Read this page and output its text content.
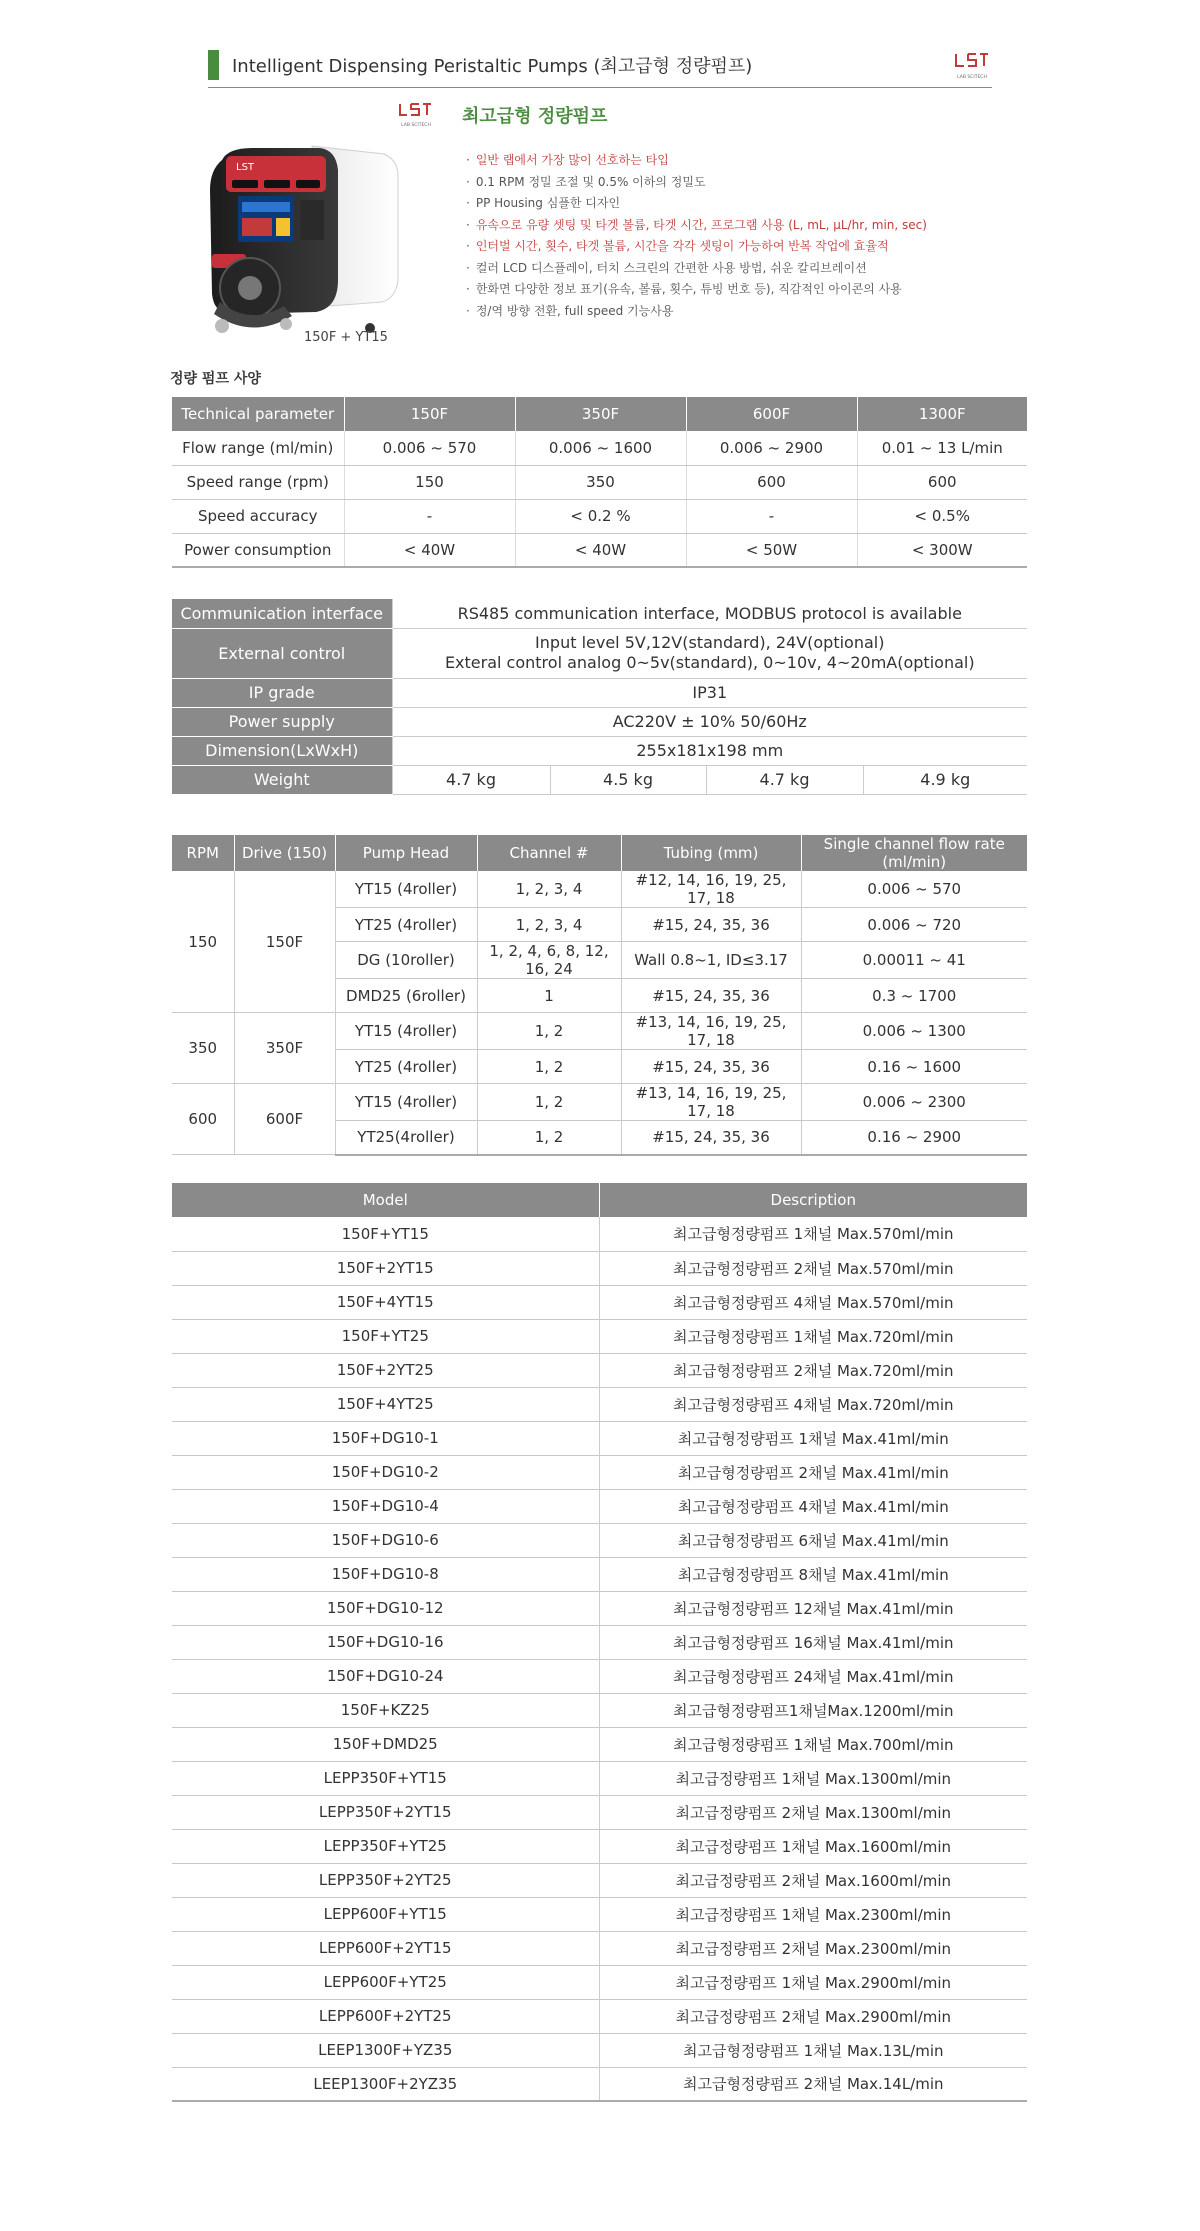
Intelligent Dispensing Peristaltic Pumps (최고급형 정량펌프)
LAB SCITECH
LST
150F + YT15
LAB SCITECH 최고급형 정량펌프
· 일반 랩에서 가장 많이 선호하는 타입
· 0.1 RPM 정밀 조절 및 0.5% 이하의 정밀도
· PP Housing 심플한 디자인
· 유속으로 유량 셋팅 및 타겟 볼륨, 타겟 시간, 프로그램 사용 (L, mL, µL/hr, min, sec)
· 인터벌 시간, 횟수, 타겟 볼륨, 시간을 각각 셋팅이 가능하여 반복 작업에 효율적
· 컬러 LCD 디스플레이, 터치 스크린의 간편한 사용 방법, 쉬운 칼리브레이션
· 한화면 다양한 정보 표기(유속, 볼륨, 횟수, 튜빙 번호 등), 직감적인 아이콘의 사용
· 정/역 방향 전환, full speed 기능사용
정량 펌프 사양
Technical parameter	150F	350F	600F	1300F
Flow range (ml/min)	0.006 ~ 570	0.006 ~ 1600	0.006 ~ 2900	0.01 ~ 13 L/min
Speed range (rpm)	150	350	600	600
Speed accuracy	-	< 0.2 %	-	< 0.5%
Power consumption	< 40W	< 40W	< 50W	< 300W
Communication interface	RS485 communication interface, MODBUS protocol is available			
External control	Input level 5V,12V(standard), 24V(optional)
Exteral control analog 0~5v(standard), 0~10v, 4~20mA(optional)			

IP grade	IP31			
Power supply	AC220V ± 10% 50/60Hz			
Dimension(LxWxH)	255x181x198 mm			
Weight	4.7 kg	4.5 kg	4.7 kg	4.9 kg
RPM	Drive (150)	Pump Head	Channel #	Tubing (mm)	Single channel flow rate (ml/min)
150	150F	YT15 (4roller)	1, 2, 3, 4	#12, 14, 16, 19, 25, 17, 18	0.006 ~ 570
		YT25 (4roller)	1, 2, 3, 4	#15, 24, 35, 36	0.006 ~ 720
		DG (10roller)	1, 2, 4, 6, 8, 12, 16, 24	Wall 0.8~1, ID≤3.17	0.00011 ~ 41
		DMD25 (6roller)	1	#15, 24, 35, 36	0.3 ~ 1700
350	350F	YT15 (4roller)	1, 2	#13, 14, 16, 19, 25, 17, 18	0.006 ~ 1300
		YT25 (4roller)	1, 2	#15, 24, 35, 36	0.16 ~ 1600
600	600F	YT15 (4roller)	1, 2	#13, 14, 16, 19, 25, 17, 18	0.006 ~ 2300
		YT25(4roller)	1, 2	#15, 24, 35, 36	0.16 ~ 2900
Model	Description
150F+YT15	최고급형정량펌프 1채널 Max.570ml/min
150F+2YT15	최고급형정량펌프 2채널 Max.570ml/min
150F+4YT15	최고급형정량펌프 4채널 Max.570ml/min
150F+YT25	최고급형정량펌프 1채널 Max.720ml/min
150F+2YT25	최고급형정량펌프 2채널 Max.720ml/min
150F+4YT25	최고급형정량펌프 4채널 Max.720ml/min
150F+DG10-1	최고급형정량펌프 1채널 Max.41ml/min
150F+DG10-2	최고급형정량펌프 2채널 Max.41ml/min
150F+DG10-4	최고급형정량펌프 4채널 Max.41ml/min
150F+DG10-6	최고급형정량펌프 6채널 Max.41ml/min
150F+DG10-8	최고급형정량펌프 8채널 Max.41ml/min
150F+DG10-12	최고급형정량펌프 12채널 Max.41ml/min
150F+DG10-16	최고급형정량펌프 16채널 Max.41ml/min
150F+DG10-24	최고급형정량펌프 24채널 Max.41ml/min
150F+KZ25	최고급형정량펌프1채널Max.1200ml/min
150F+DMD25	최고급형정량펌프 1채널 Max.700ml/min
LEPP350F+YT15	최고급정량펌프 1채널 Max.1300ml/min
LEPP350F+2YT15	최고급정량펌프 2채널 Max.1300ml/min
LEPP350F+YT25	최고급정량펌프 1채널 Max.1600ml/min
LEPP350F+2YT25	최고급정량펌프 2채널 Max.1600ml/min
LEPP600F+YT15	최고급정량펌프 1채널 Max.2300ml/min
LEPP600F+2YT15	최고급정량펌프 2채널 Max.2300ml/min
LEPP600F+YT25	최고급정량펌프 1채널 Max.2900ml/min
LEPP600F+2YT25	최고급정량펌프 2채널 Max.2900ml/min
LEEP1300F+YZ35	최고급형정량펌프 1채널 Max.13L/min
LEEP1300F+2YZ35	최고급형정량펌프 2채널 Max.14L/min
